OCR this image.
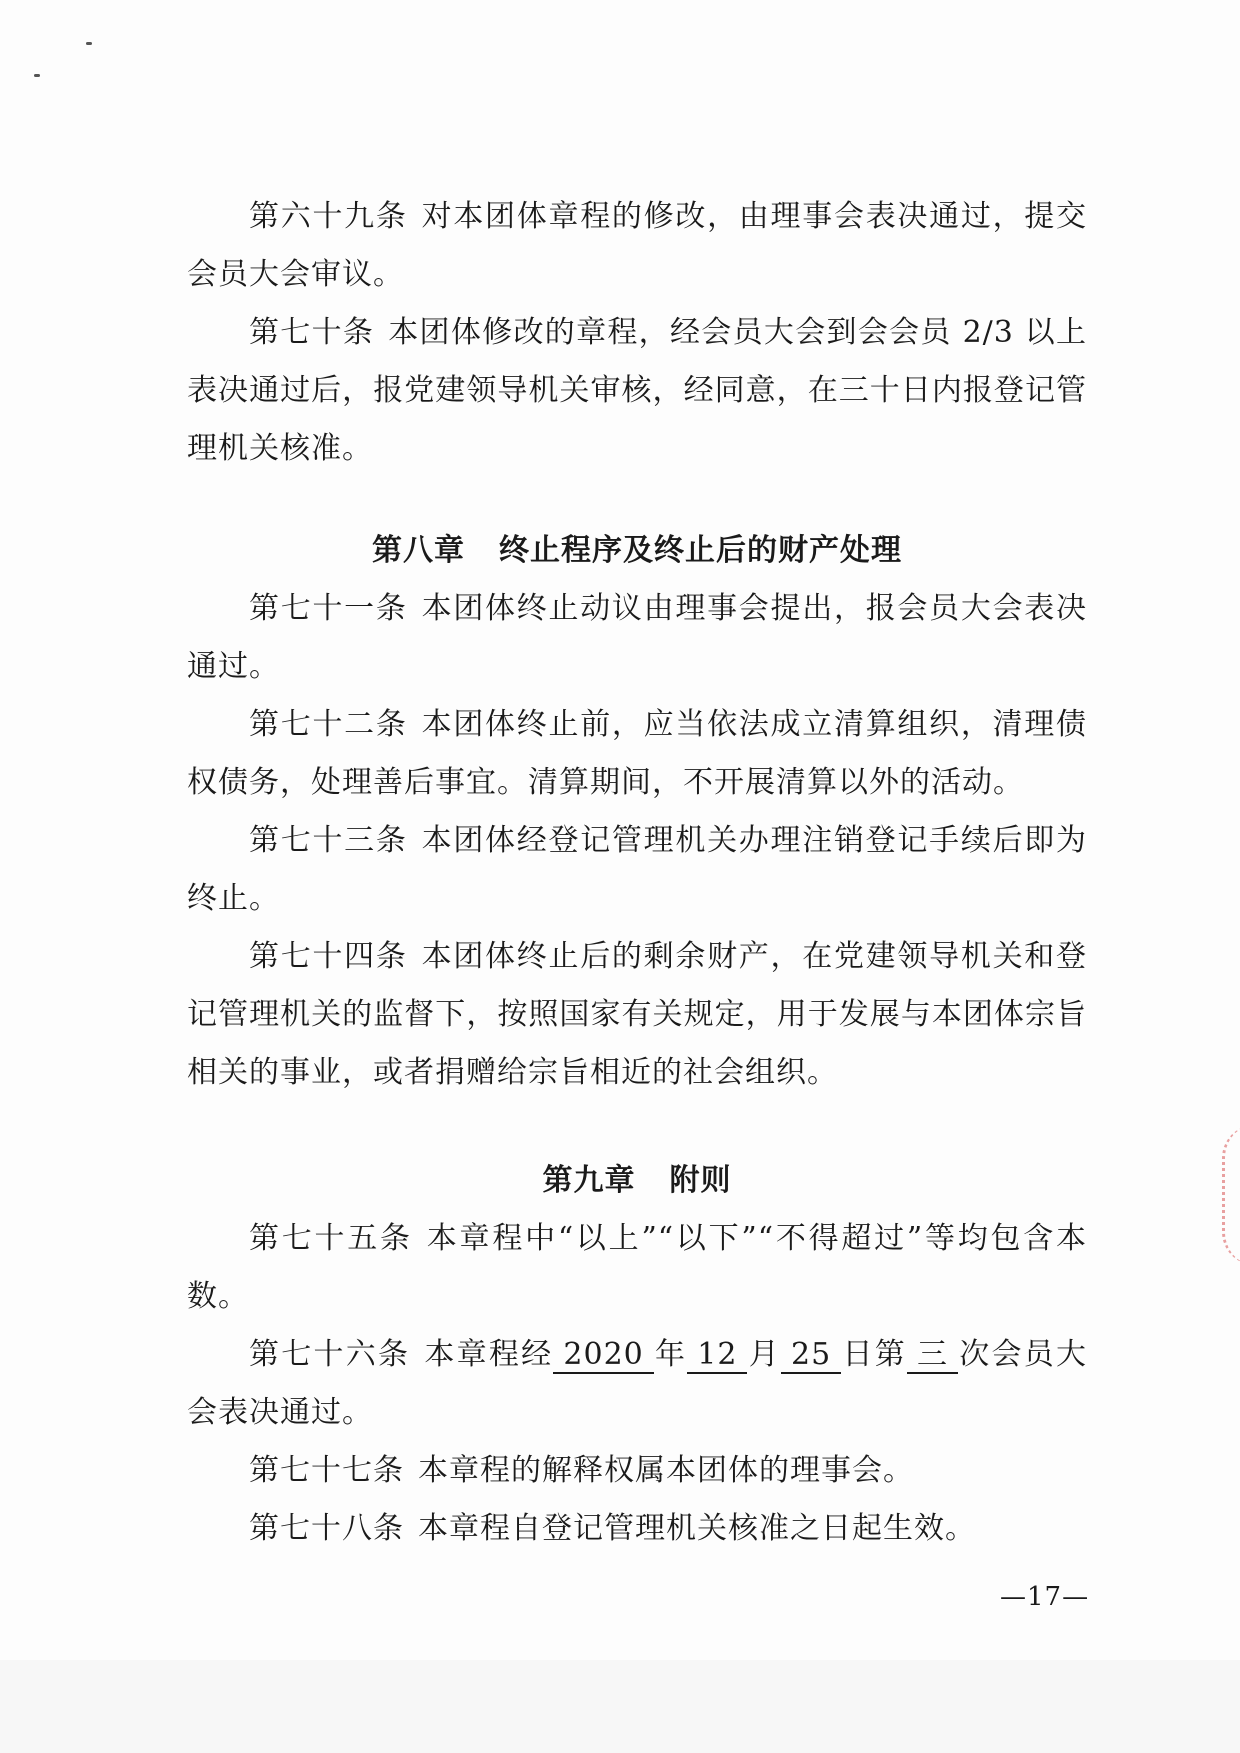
第六十九条 对本团体章程的修改，由理事会表决通过，提交会员大会审议。

第七十条 本团体修改的章程，经会员大会到会会员 2/3 以上表决通过后，报党建领导机关审核，经同意，在三十日内报登记管理机关核准。

第八章 终止程序及终止后的财产处理

第七十一条 本团体终止动议由理事会提出，报会员大会表决通过。

第七十二条 本团体终止前，应当依法成立清算组织，清理债权债务，处理善后事宜。清算期间，不开展清算以外的活动。

第七十三条 本团体经登记管理机关办理注销登记手续后即为终止。

第七十四条 本团体终止后的剩余财产，在党建领导机关和登记管理机关的监督下，按照国家有关规定，用于发展与本团体宗旨相关的事业，或者捐赠给宗旨相近的社会组织。

第九章 附则

第七十五条 本章程中“以上”“以下”“不得超过”等均包含本数。

第七十六条 本章程经 2020 年 12 月 25 日第 三 次会员大会表决通过。

第七十七条 本章程的解释权属本团体的理事会。

第七十八条 本章程自登记管理机关核准之日起生效。

—17—
